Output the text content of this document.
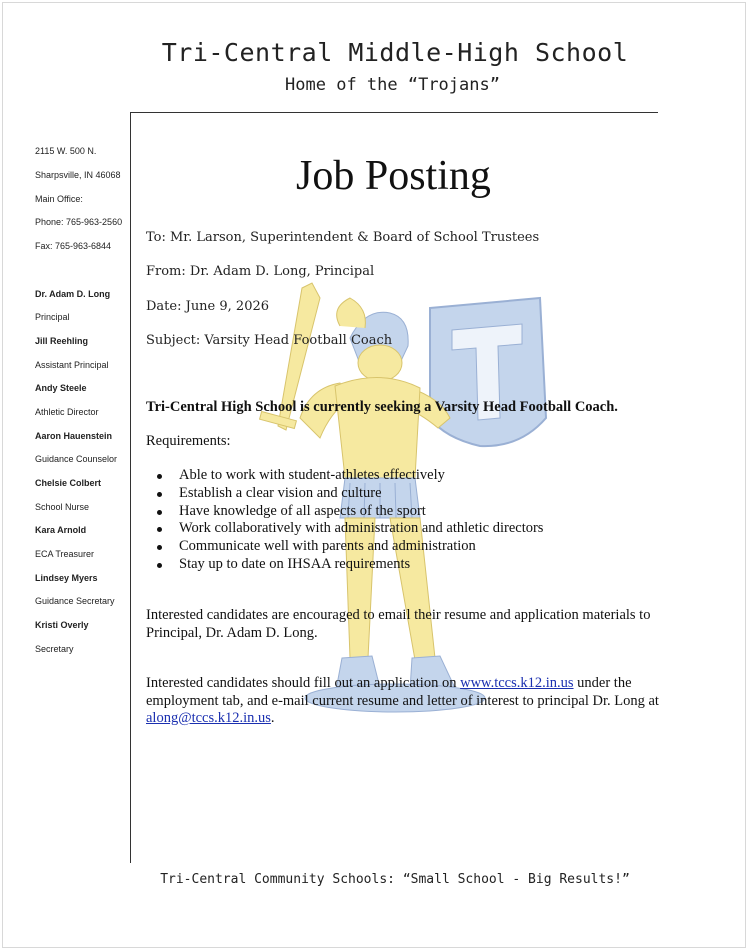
Tri-Central Middle-High School
Home of the “Trojans”
2115 W. 500 N.
Sharpsville, IN 46068
Main Office:
Phone: 765-963-2560
Fax: 765-963-6844
Dr. Adam D. Long
Principal
Jill Reehling
Assistant Principal
Andy Steele
Athletic Director
Aaron Hauenstein
Guidance Counselor
Chelsie Colbert
School Nurse
Kara Arnold
ECA Treasurer
Lindsey Myers
Guidance Secretary
Kristi Overly
Secretary
Job Posting
To: Mr. Larson, Superintendent & Board of School Trustees
From: Dr. Adam D. Long, Principal
Date: June 9, 2026
Subject: Varsity Head Football Coach
Tri-Central High School is currently seeking a Varsity Head Football Coach.
Requirements:
Able to work with student-athletes effectively
Establish a clear vision and culture
Have knowledge of all aspects of the sport
Work collaboratively with administration and athletic directors
Communicate well with parents and administration
Stay up to date on IHSAA requirements
Interested candidates are encouraged to email their resume and application materials to Principal, Dr. Adam D. Long.
Interested candidates should fill out an application on www.tccs.k12.in.us under the employment tab, and e-mail current resume and letter of interest to principal Dr. Long at along@tccs.k12.in.us.
Tri-Central Community Schools: “Small School - Big Results!”
